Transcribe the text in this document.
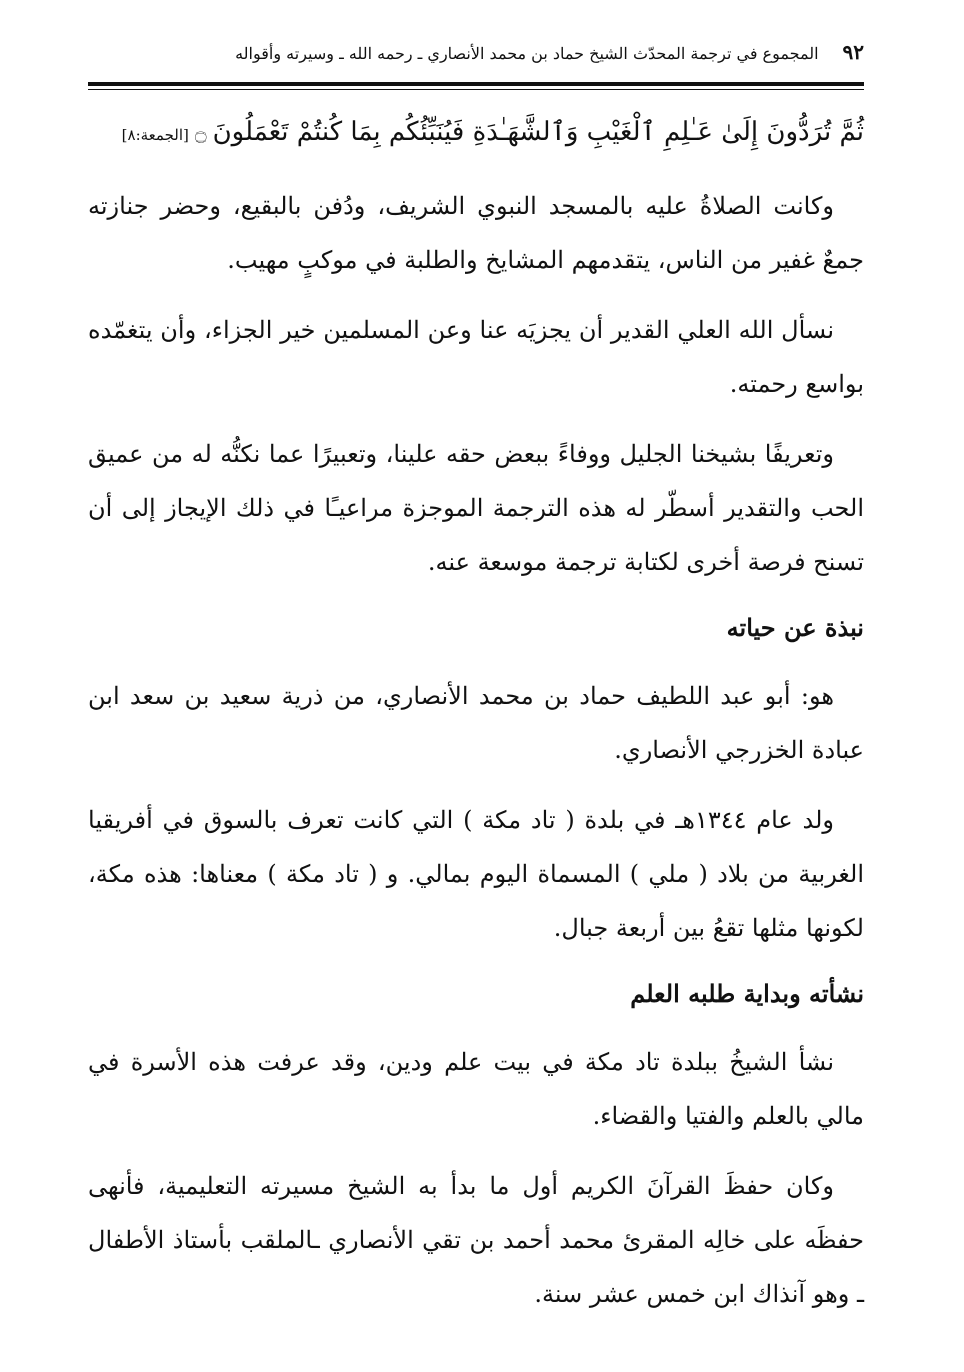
٩٢
المجموع في ترجمة المحدّث الشيخ حماد بن محمد الأنصاري ـ رحمه الله ـ وسيرته وأقواله
ثُمَّ تُرَدُّونَ إِلَىٰ عَـٰلِمِ ٱلْغَيْبِ وَٱلشَّهَـٰدَةِ فَيُنَبِّئُكُم بِمَا كُنتُمْ تَعْمَلُونَ
۝
[الجمعة:٨]

وكانت الصلاةُ عليه بالمسجد النبوي الشريف، ودُفن بالبقيع، وحضر جنازته جمعٌ غفير من الناس، يتقدمهم المشايخ والطلبة في موكبٍ مهيب.

نسأل الله العلي القدير أن يجزيَه عنا وعن المسلمين خير الجزاء، وأن يتغمّده بواسع رحمته.

وتعريفًا بشيخنا الجليل ووفاءً ببعض حقه علينا، وتعبيرًا عما نكنُّه له من عميق الحب والتقدير أسطّر له هذه الترجمة الموجزة مراعيـًا في ذلك الإيجاز إلى أن تسنح فرصة أخرى لكتابة ترجمة موسعة عنه.

نبذة عن حياته

هو: أبو عبد اللطيف حماد بن محمد الأنصاري، من ذرية سعيد بن سعد ابن عبادة الخزرجي الأنصاري.

ولد عام ١٣٤٤هـ في بلدة ( تاد مكة ) التي كانت تعرف بالسوق في أفريقيا الغربية من بلاد ( ملي ) المسماة اليوم بمالي. و ( تاد مكة ) معناها: هذه مكة، لكونها مثلها تقعُ بين أربعة جبال.

نشأته وبداية طلبه العلم

نشأ الشيخُ ببلدة تاد مكة في بيت علم ودين، وقد عرفت هذه الأسرة في مالي بالعلم والفتيا والقضاء.

وكان حفظَ القرآنَ الكريم أول ما بدأ به الشيخ مسيرته التعليمية، فأنهى حفظَه على خالِه المقرئ محمد أحمد بن تقي الأنصاري ـالملقب بأستاذ الأطفال ـ وهو آنذاك ابن خمس عشر سنة.
